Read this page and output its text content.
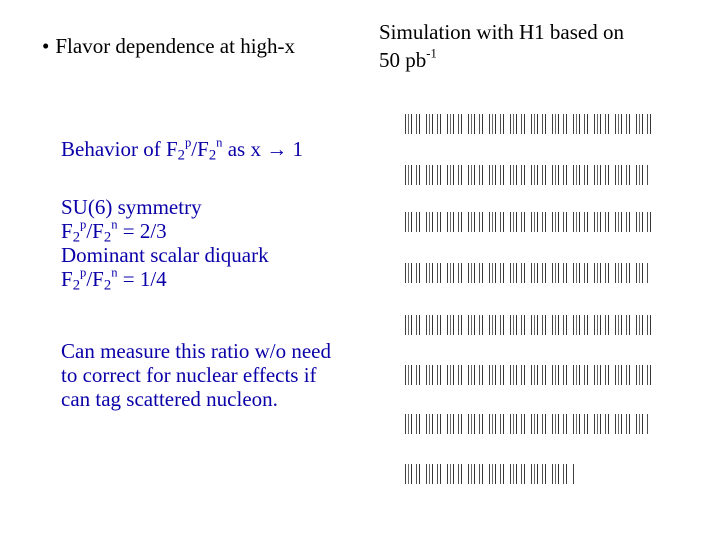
• Flavor dependence at high-x
Simulation with H1 based on
50 $pb^{-1}$
Behavior of $F_2^p/F_2^n$ as x → 1
SU(6) symmetry
$F_2^p/F_2^n = 2/3$
Dominant scalar diquark
$F_2^p/F_2^n = 1/4$
Can measure this ratio w/o need
to correct for nuclear effects if
can tag scattered nucleon.
